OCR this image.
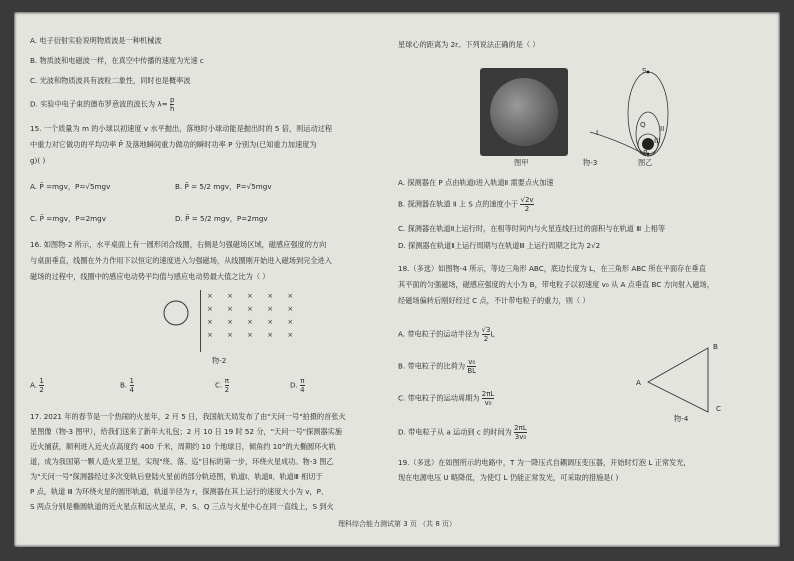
A. 电子衍射实验说明物质波是一种机械波
B. 物质波和电磁波一样，在真空中传播的速度为光速 c
C. 光波和物质波具有波粒二象性，同时也是概率波
D. 实验中电子束的德布罗意波的波长为 $\lambda= \frac{p}{h}$
15. 一个质量为 m 的小球以初速度 v 水平抛出，落地时小球动能是抛出时的 5 倍，则运动过程
中重力对它做功的平均功率 P̄ 及落地瞬间重力做功的瞬时功率 P 分别为(已知重力加速度为
g)( )
A. P̄ =mgv，P=√5mgv	B. P̄ = 5/2 mgv，P=√5mgv
C. P̄ =mgv，P=2mgv	D. P̄ = 5/2 mgv，P=2mgv
16. 如图物-2 所示，水平桌面上有一圆形闭合线圈，右侧是匀强磁场区域，磁感应强度的方向
与桌面垂直，线圈在外力作用下以恒定的速度进入匀强磁场，从线圈刚开始进入磁场到完全进入
磁场的过程中，线圈中的感应电动势平均值与感应电动势最大值之比为（ ）
× × × × ×
× × × × ×
× × × × ×
× × × × ×
物-2
A. $\frac{1}{2}$	B. $\frac{1}{4}$	C. $\frac{\pi}{2}$	D. $\frac{\pi}{4}$
17. 2021 年的春节是一个热闹的火星年，2 月 5 日，我国航天局发布了由"天问一号"拍摄的首张火
星图像（物-3 图甲），给我们送来了新年大礼包；2 月 10 日 19 时 52 分，"天问一号"探测器实施
近火捕获，顺利进入近火点高度约 400 千米，周期约 10 个地球日，倾角约 10°的大椭圆环火轨
道，成为我国第一颗人造火星卫星，实现"绕、落、巡"目标的第一步，环绕火星成功。物-3 图乙
为"天问一号"探测器经过多次变轨后登陆火星前的部分轨迹图，轨道Ⅰ、轨道Ⅱ、轨道Ⅲ 相切于
P 点，轨道 Ⅲ 为环绕火星的圆形轨道，轨道半径为 r，探测器在其上运行的速度大小为 v，P、
S 两点分别是椭圆轨道的近火星点和远火星点，P、S、Q 三点与火星中心在同一直线上，S 到火
星球心的距离为 2r。下列说法正确的是（ ）
图甲	物-3	图乙
S
Q
P
I	II
III
A. 探测器在 P 点由轨道Ⅰ进入轨道Ⅱ 需要点火加速
B. 探测器在轨道 Ⅱ 上 S 点的速度小于 $\frac{√2v}{2}$
C. 探测器在轨道Ⅱ上运行时，在相等时间内与火星连线扫过的面积与在轨道 Ⅲ 上相等
D. 探测器在轨道Ⅱ上运行周期与在轨道Ⅲ 上运行周期之比为 2√2
18.（多选）如图物-4 所示，等边三角形 ABC，底边长度为 L，在三角形 ABC 所在平面存在垂直
其平面的匀强磁场，磁感应强度的大小为 B，带电粒子以初速度 v₀ 从 A 点垂直 BC 方向射入磁场，
经磁场偏转后刚好经过 C 点，不计带电粒子的重力，则（ ）
A. 带电粒子的运动半径为 $\frac{√3}{2}$ L
B. 带电粒子的比荷为 $\frac{\text{v₀}}{BL}$
C. 带电粒子的运动周期为 $\frac{2\pi L}{\text{v₀}}$
D. 带电粒子从 a 运动到 c 的时间为 $\frac{2\pi L}{\text{3v₀}}$
A
B
C
物-4
19.（多选）在如图所示的电路中，T 为一降压式自耦调压变压器，开始时灯泡 L 正常发光，
现在电源电压 U 略降低，为使灯 L 仍能正常发光，可采取的措施是( )
理科综合能力测试第 3 页 （共 8 页）
